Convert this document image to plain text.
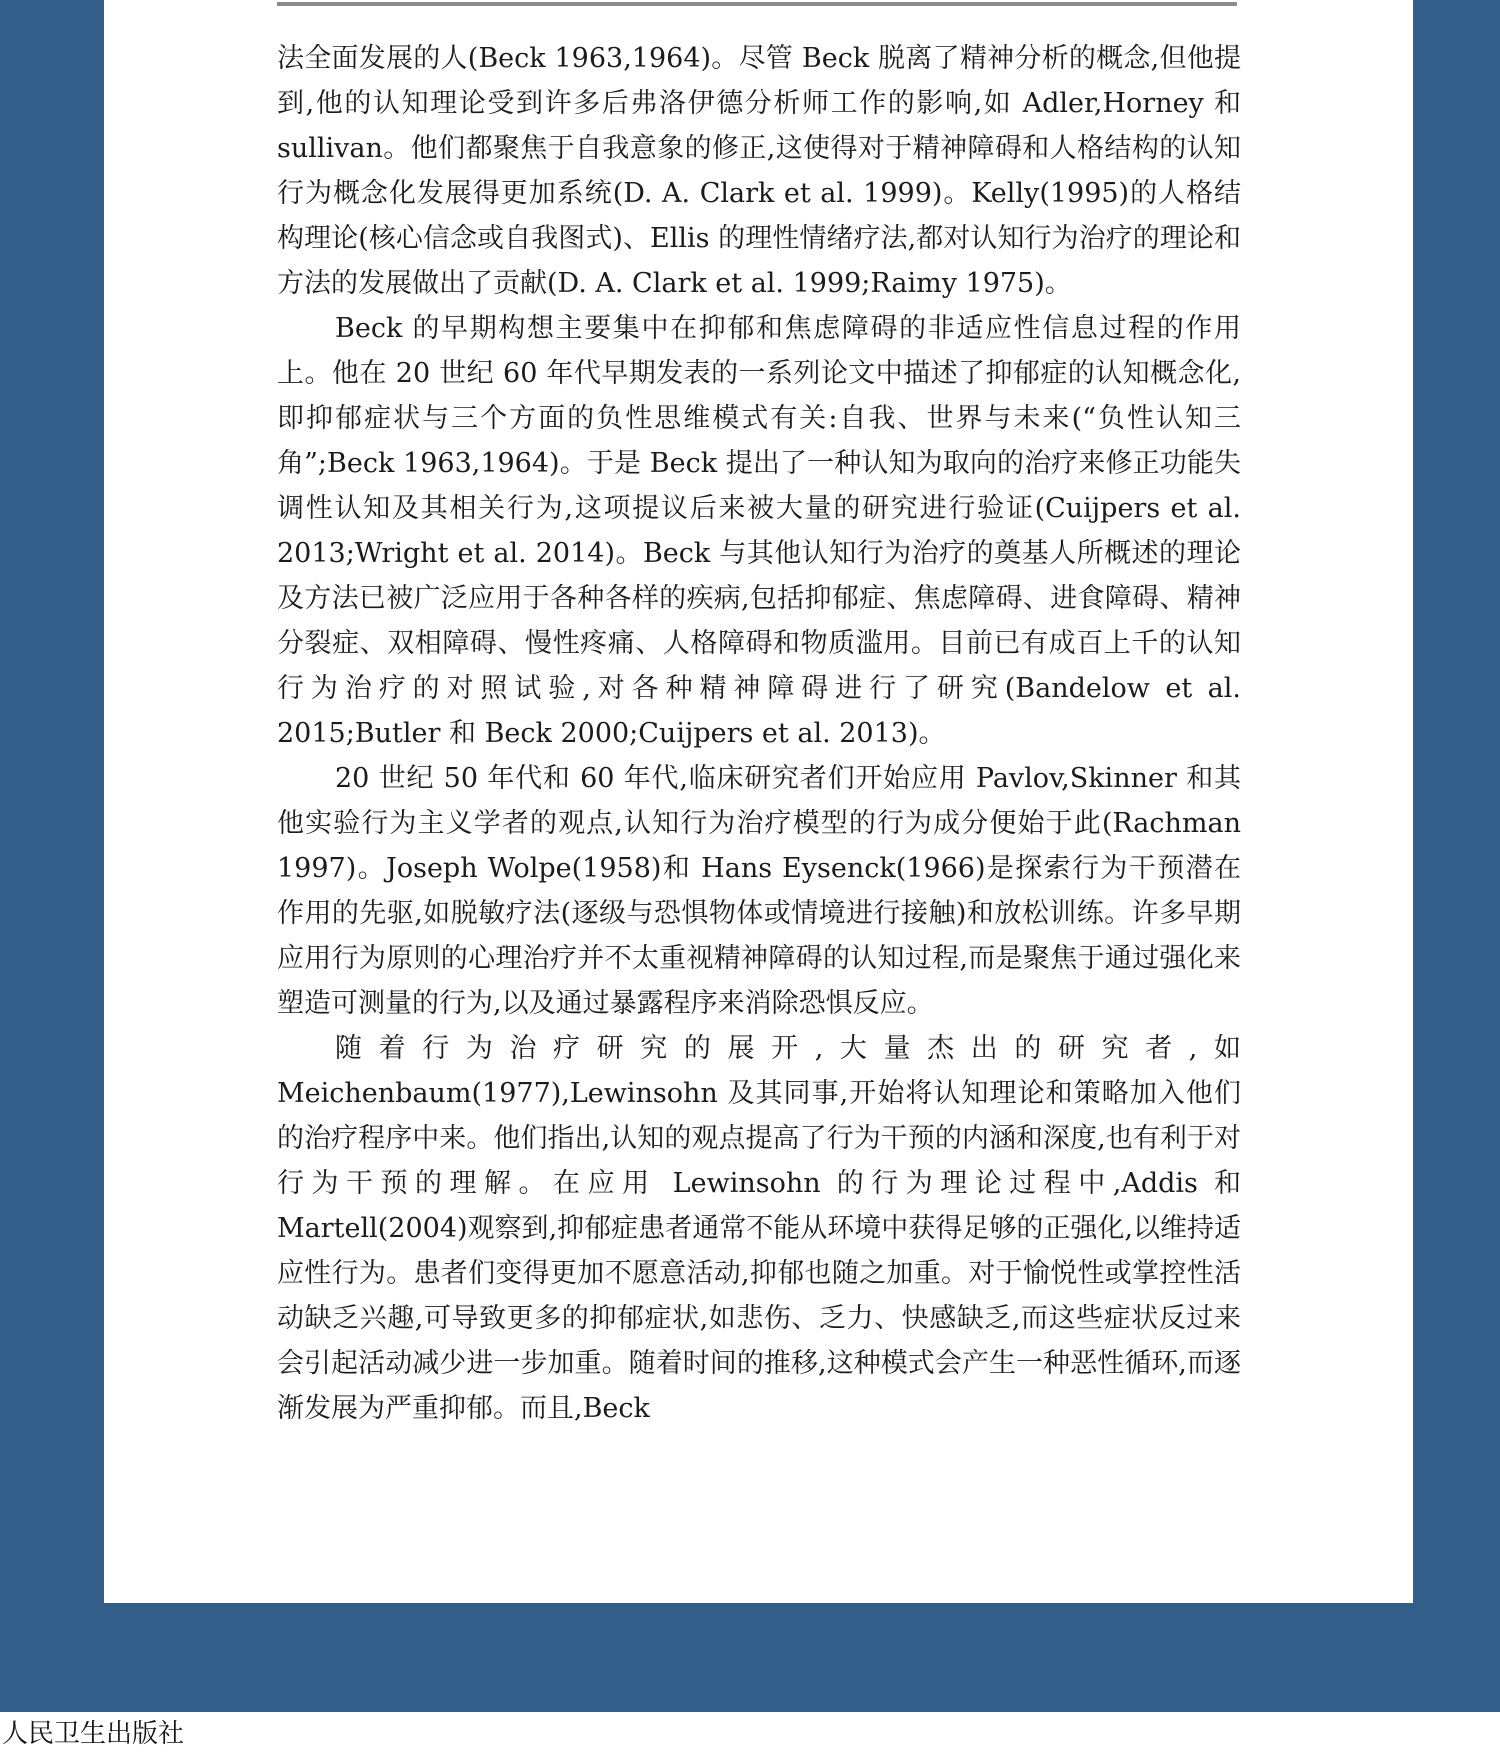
法全面发展的人(Beck 1963,1964)。尽管 Beck 脱离了精神分析的概念,但他提到,他的认知理论受到许多后弗洛伊德分析师工作的影响,如 Adler,Horney 和 sullivan。他们都聚焦于自我意象的修正,这使得对于精神障碍和人格结构的认知行为概念化发展得更加系统(D. A. Clark et al. 1999)。Kelly(1995)的人格结构理论(核心信念或自我图式)、Ellis 的理性情绪疗法,都对认知行为治疗的理论和方法的发展做出了贡献(D. A. Clark et al. 1999;Raimy 1975)。

Beck 的早期构想主要集中在抑郁和焦虑障碍的非适应性信息过程的作用上。他在 20 世纪 60 年代早期发表的一系列论文中描述了抑郁症的认知概念化,即抑郁症状与三个方面的负性思维模式有关:自我、世界与未来(“负性认知三角”;Beck 1963,1964)。于是 Beck 提出了一种认知为取向的治疗来修正功能失调性认知及其相关行为,这项提议后来被大量的研究进行验证(Cuijpers et al. 2013;Wright et al. 2014)。Beck 与其他认知行为治疗的奠基人所概述的理论及方法已被广泛应用于各种各样的疾病,包括抑郁症、焦虑障碍、进食障碍、精神分裂症、双相障碍、慢性疼痛、人格障碍和物质滥用。目前已有成百上千的认知行为治疗的对照试验,对各种精神障碍进行了研究(Bandelow et al. 2015;Butler 和 Beck 2000;Cuijpers et al. 2013)。

20 世纪 50 年代和 60 年代,临床研究者们开始应用 Pavlov,Skinner 和其他实验行为主义学者的观点,认知行为治疗模型的行为成分便始于此(Rachman 1997)。Joseph Wolpe(1958)和 Hans Eysenck(1966)是探索行为干预潜在作用的先驱,如脱敏疗法(逐级与恐惧物体或情境进行接触)和放松训练。许多早期应用行为原则的心理治疗并不太重视精神障碍的认知过程,而是聚焦于通过强化来塑造可测量的行为,以及通过暴露程序来消除恐惧反应。

随着行为治疗研究的展开,大量杰出的研究者,如 Meichenbaum(1977),Lewinsohn 及其同事,开始将认知理论和策略加入他们的治疗程序中来。他们指出,认知的观点提高了行为干预的内涵和深度,也有利于对行为干预的理解。在应用 Lewinsohn 的行为理论过程中,Addis 和 Martell(2004)观察到,抑郁症患者通常不能从环境中获得足够的正强化,以维持适应性行为。患者们变得更加不愿意活动,抑郁也随之加重。对于愉悦性或掌控性活动缺乏兴趣,可导致更多的抑郁症状,如悲伤、乏力、快感缺乏,而这些症状反过来会引起活动减少进一步加重。随着时间的推移,这种模式会产生一种恶性循环,而逐渐发展为严重抑郁。而且,Beck

人民卫生出版社
